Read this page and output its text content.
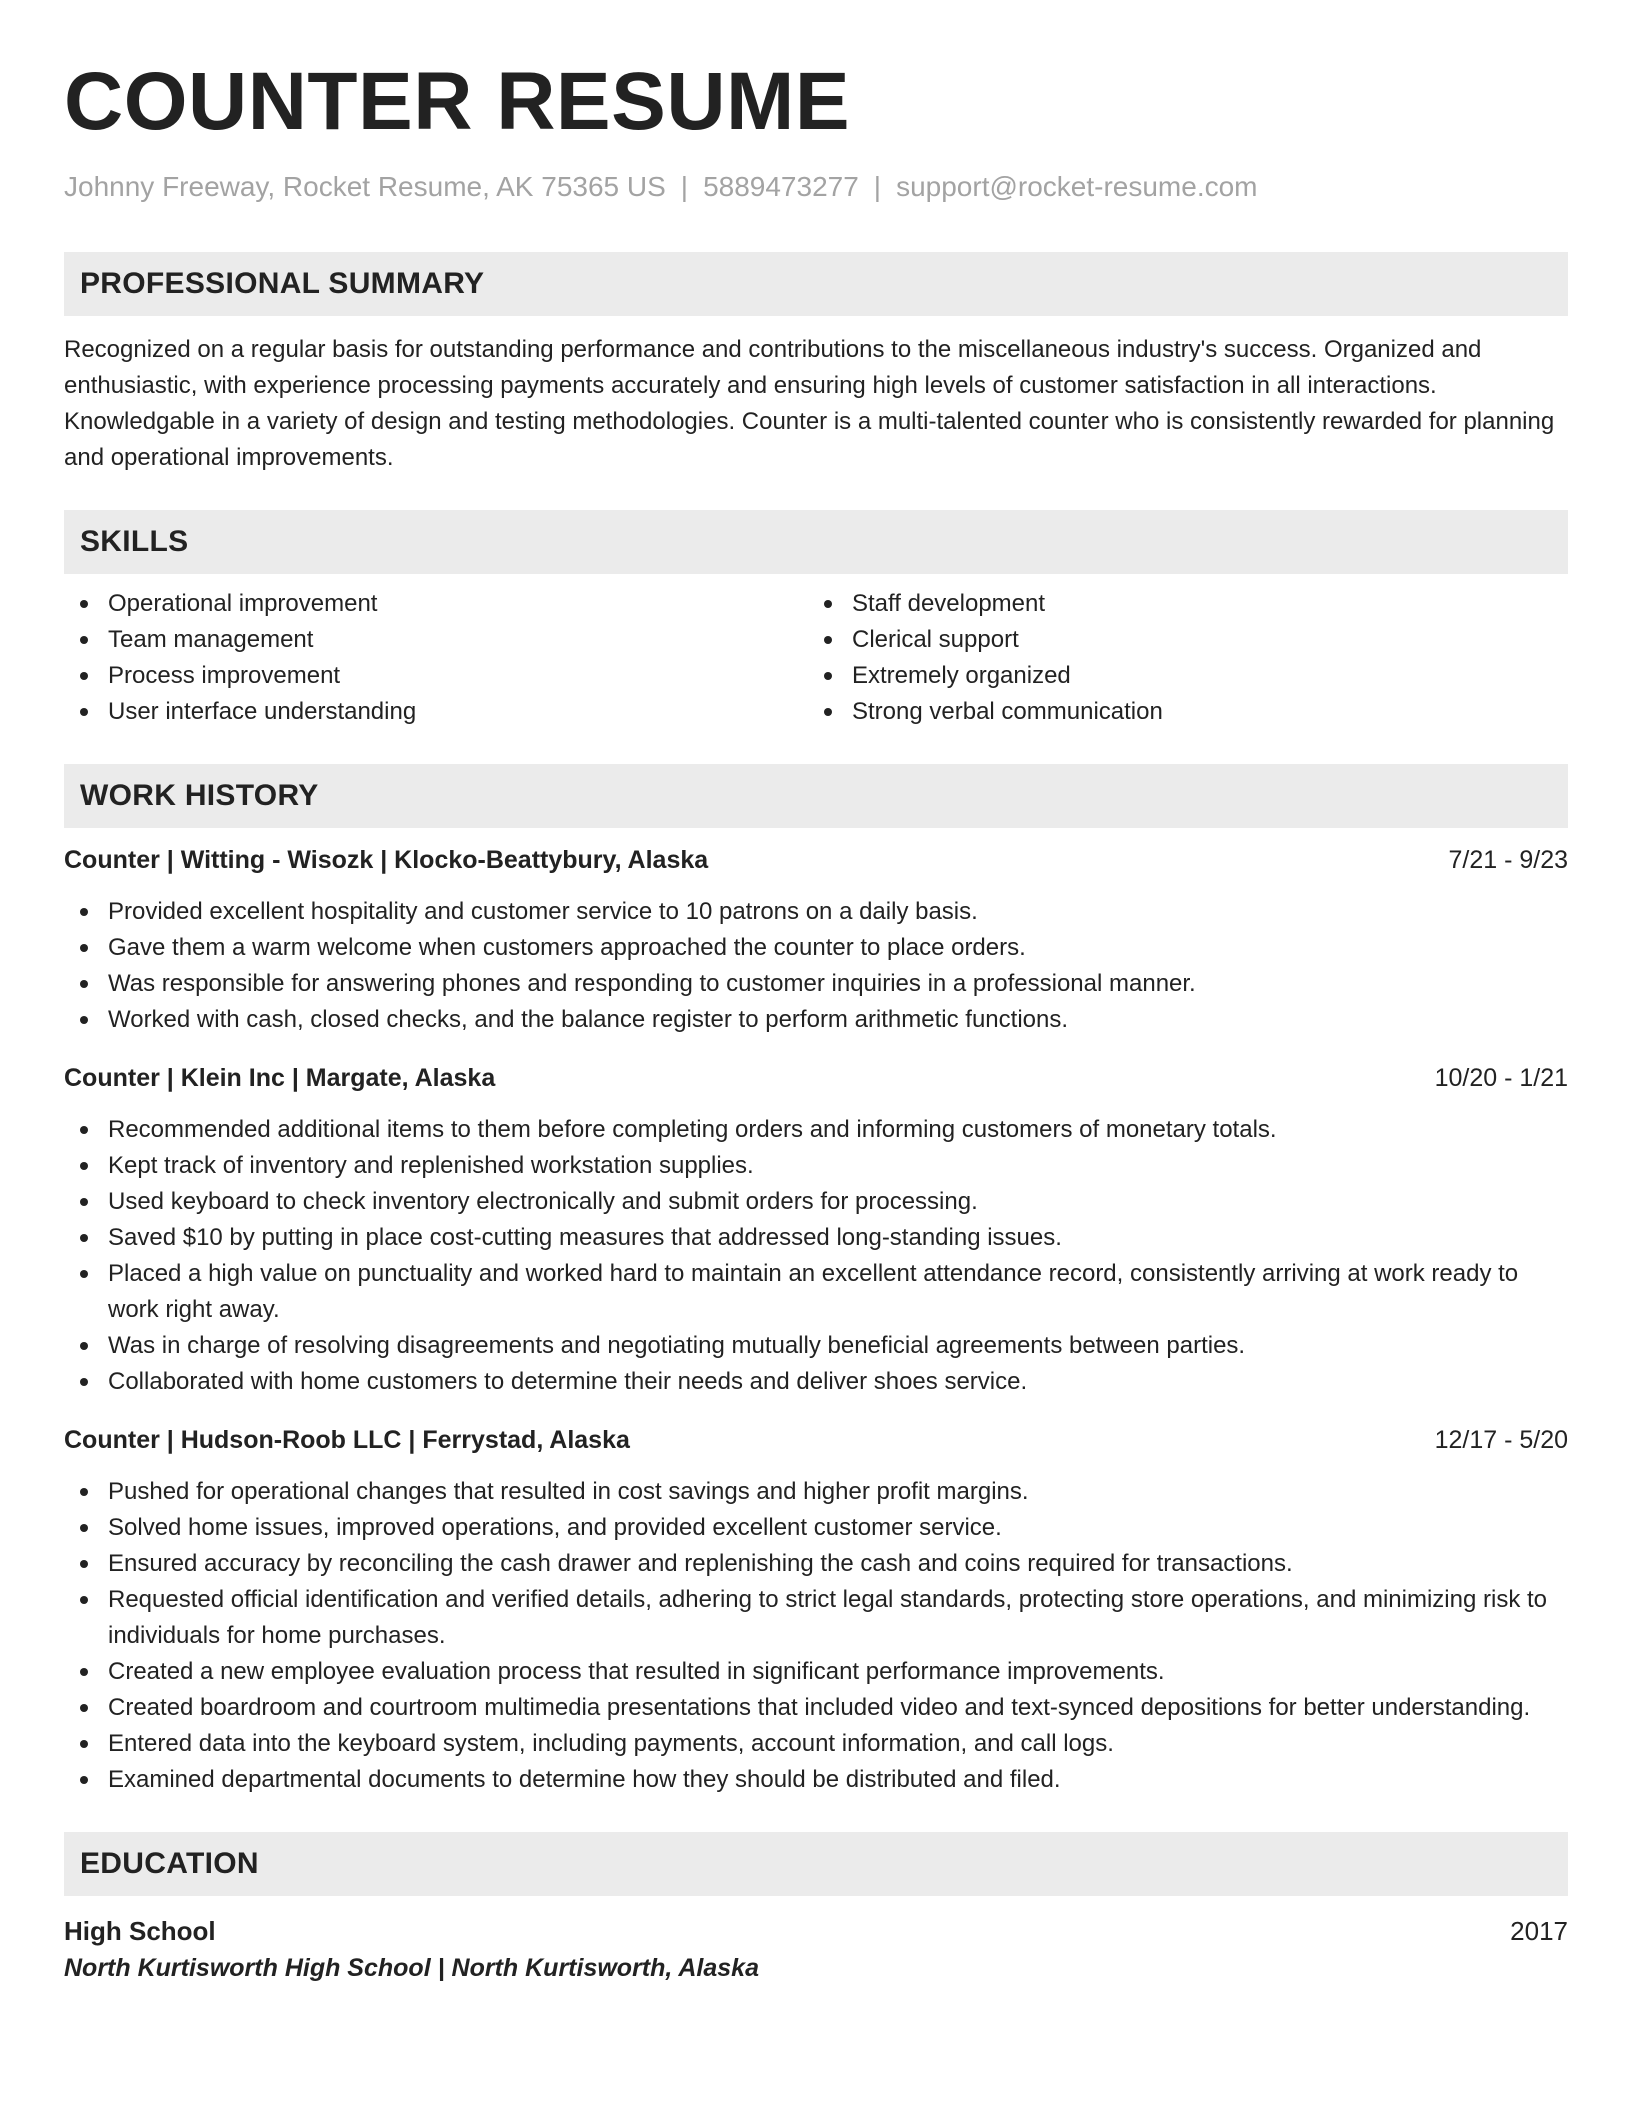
COUNTER RESUME
Johnny Freeway, Rocket Resume, AK 75365 US | 5889473277 | support@rocket-resume.com
PROFESSIONAL SUMMARY
Recognized on a regular basis for outstanding performance and contributions to the miscellaneous industry's success. Organized and enthusiastic, with experience processing payments accurately and ensuring high levels of customer satisfaction in all interactions. Knowledgable in a variety of design and testing methodologies. Counter is a multi-talented counter who is consistently rewarded for planning and operational improvements.
SKILLS
Operational improvement
Team management
Process improvement
User interface understanding
Staff development
Clerical support
Extremely organized
Strong verbal communication
WORK HISTORY
Counter | Witting - Wisozk | Klocko-Beattybury, Alaska	7/21 - 9/23
Provided excellent hospitality and customer service to 10 patrons on a daily basis.
Gave them a warm welcome when customers approached the counter to place orders.
Was responsible for answering phones and responding to customer inquiries in a professional manner.
Worked with cash, closed checks, and the balance register to perform arithmetic functions.
Counter | Klein Inc | Margate, Alaska	10/20 - 1/21
Recommended additional items to them before completing orders and informing customers of monetary totals.
Kept track of inventory and replenished workstation supplies.
Used keyboard to check inventory electronically and submit orders for processing.
Saved $10 by putting in place cost-cutting measures that addressed long-standing issues.
Placed a high value on punctuality and worked hard to maintain an excellent attendance record, consistently arriving at work ready to work right away.
Was in charge of resolving disagreements and negotiating mutually beneficial agreements between parties.
Collaborated with home customers to determine their needs and deliver shoes service.
Counter | Hudson-Roob LLC | Ferrystad, Alaska	12/17 - 5/20
Pushed for operational changes that resulted in cost savings and higher profit margins.
Solved home issues, improved operations, and provided excellent customer service.
Ensured accuracy by reconciling the cash drawer and replenishing the cash and coins required for transactions.
Requested official identification and verified details, adhering to strict legal standards, protecting store operations, and minimizing risk to individuals for home purchases.
Created a new employee evaluation process that resulted in significant performance improvements.
Created boardroom and courtroom multimedia presentations that included video and text-synced depositions for better understanding.
Entered data into the keyboard system, including payments, account information, and call logs.
Examined departmental documents to determine how they should be distributed and filed.
EDUCATION
High School	2017
North Kurtisworth High School | North Kurtisworth, Alaska
